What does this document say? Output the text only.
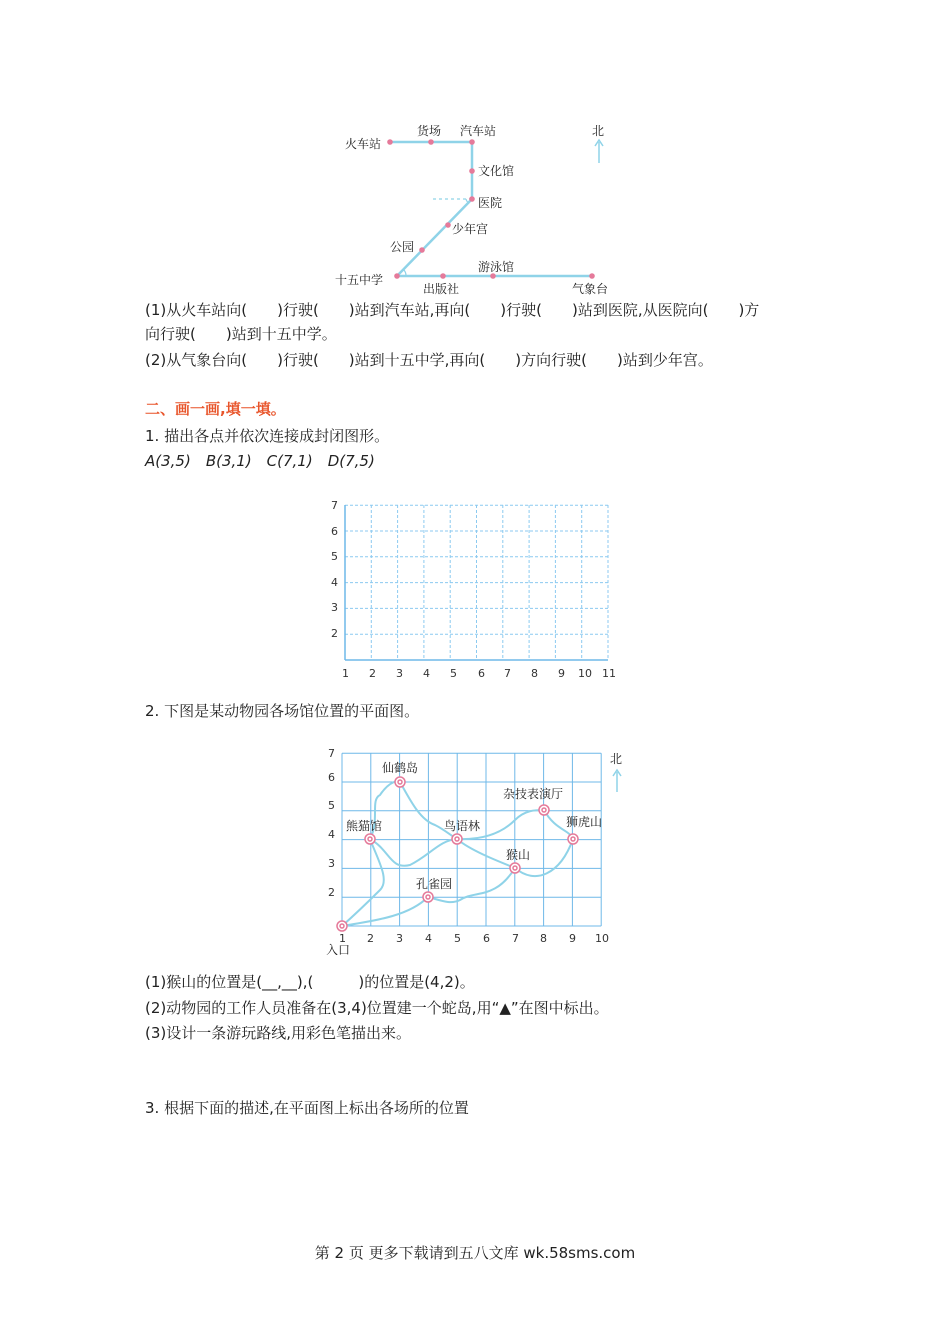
火车站
货场 汽车站
文化馆
医院
少年宫
公园
十五中学
出版社
游泳馆
气象台
北
(1)从火车站向(　　)行驶(　　)站到汽车站,再向(　　)行驶(　　)站到医院,从医院向(　　)方
向行驶(　　)站到十五中学。
(2)从气象台向(　　)行驶(　　)站到十五中学,再向(　　)方向行驶(　　)站到少年宫。
二、画一画,填一填。
1. 描出各点并依次连接成封闭图形。
A(3,5)　B(3,1)　C(7,1)　D(7,5)
7
6
5
4
3
2
1 2 3 4 5 6 7 8 9 10 11
2. 下图是某动物园各场馆位置的平面图。
7
6
5
4
3
2
1 2 3 4 5 6 7 8 9 10
仙鹤岛
杂技表演厅
熊猫馆	鸟语林	狮虎山
猴山
孔雀园
入口
北
(1)猴山的位置是(__,__),(　　　)的位置是(4,2)。
(2)动物园的工作人员准备在(3,4)位置建一个蛇岛,用“▲”在图中标出。
(3)设计一条游玩路线,用彩色笔描出来。
3. 根据下面的描述,在平面图上标出各场所的位置
第 2 页 更多下载请到五八文库 wk.58sms.com
